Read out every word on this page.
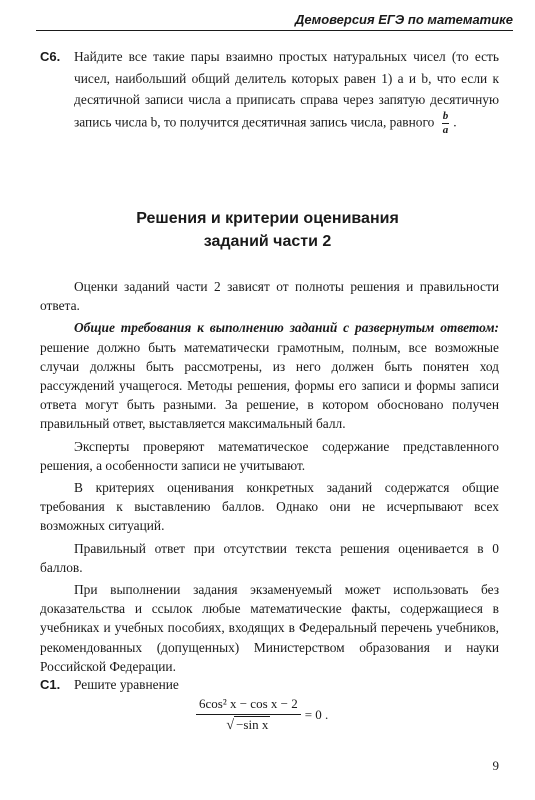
Демоверсия ЕГЭ по математике
С6. Найдите все такие пары взаимно простых натуральных чисел (то есть чисел, наибольший общий делитель которых равен 1) a и b, что если к десятичной записи числа a приписать справа через запятую десятичную запись числа b, то получится десятичная запись числа, равного $\frac{b}{a}$ .
Решения и критерии оценивания
заданий части 2

Оценки заданий части 2 зависят от полноты решения и правильности ответа.

Общие требования к выполнению заданий с развернутым ответом: решение должно быть математически грамотным, полным, все возможные случаи должны быть рассмотрены, из него должен быть понятен ход рассуждений учащегося. Методы решения, формы его записи и формы записи ответа могут быть разными. За решение, в котором обосновано получен правильный ответ, выставляется максимальный балл.

Эксперты проверяют математическое содержание представленного решения, а особенности записи не учитывают.

В критериях оценивания конкретных заданий содержатся общие требования к выставлению баллов. Однако они не исчерпывают всех возможных ситуаций.

Правильный ответ при отсутствии текста решения оценивается в 0 баллов.

При выполнении задания экзаменуемый может использовать без доказательства и ссылок любые математические факты, содержащиеся в учебниках и учебных пособиях, входящих в Федеральный перечень учебников, рекомендованных (допущенных) Министерством образования и науки Российской Федерации.

С1. Решите уравнение
$\frac{\text{6cos² x − cos x − 2}}{\text{√ −sin x}} = 0$ .
9
